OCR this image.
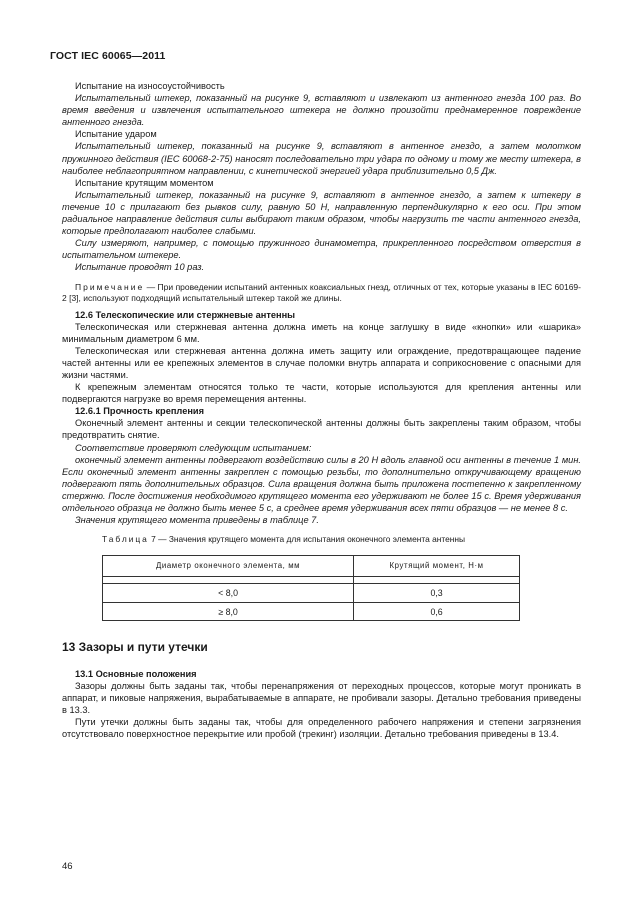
ГОСТ IEC 60065—2011

Испытание на износоустойчивость

Испытательный штекер, показанный на рисунке 9, вставляют и извлекают из антенного гнезда 100 раз. Во время введения и извлечения испытательного штекера не должно произойти преднамеренное повреждение антенного гнезда.

Испытание ударом

Испытательный штекер, показанный на рисунке 9, вставляют в антенное гнездо, а затем молотком пружинного действия (IEC 60068-2-75) наносят последовательно три удара по одному и тому же месту штекера, в наиболее неблагоприятном направлении, с кинетической энергией удара приблизительно 0,5 Дж.

Испытание крутящим моментом

Испытательный штекер, показанный на рисунке 9, вставляют в антенное гнездо, а затем к штекеру в течение 10 с прилагают без рывков силу, равную 50 Н, направленную перпендикулярно к его оси. При этом радиальное направление действия силы выбирают таким образом, чтобы нагрузить те части антенного гнезда, которые предполагают наиболее слабыми.

Силу измеряют, например, с помощью пружинного динамометра, прикрепленного посредством отверстия в испытательном штекере.

Испытание проводят 10 раз.

Примечание — При проведении испытаний антенных коаксиальных гнезд, отличных от тех, которые указаны в IEC 60169-2 [3], используют подходящий испытательный штекер такой же длины.

12.6 Телескопические или стержневые антенны

Телескопическая или стержневая антенна должна иметь на конце заглушку в виде «кнопки» или «шарика» минимальным диаметром 6 мм.

Телескопическая или стержневая антенна должна иметь защиту или ограждение, предотвращающее падение частей антенны или ее крепежных элементов в случае поломки внутрь аппарата и соприкосновение с опасными для жизни частями.

К крепежным элементам относятся только те части, которые используются для крепления антенны или подвергаются нагрузке во время перемещения антенны.

12.6.1 Прочность крепления

Оконечный элемент антенны и секции телескопической антенны должны быть закреплены таким образом, чтобы предотвратить снятие.

Соответствие проверяют следующим испытанием:

оконечный элемент антенны подвергают воздействию силы в 20 Н вдоль главной оси антенны в течение 1 мин. Если оконечный элемент антенны закреплен с помощью резьбы, то дополнительно откручивающему вращению подвергают пять дополнительных образцов. Сила вращения должна быть приложена постепенно к закрепленному стержню. После достижения необходимого крутящего момента его удерживают не более 15 с. Время удерживания отдельного образца не должно быть менее 5 с, а среднее время удерживания всех пяти образцов — не менее 8 с.

Значения крутящего момента приведены в таблице 7.

Таблица 7 — Значения крутящего момента для испытания оконечного элемента антенны

Диаметр оконечного элемента, мм	Крутящий момент, Н·м

< 8,0	0,3
≥ 8,0	0,6
13 Зазоры и пути утечки

13.1 Основные положения

Зазоры должны быть заданы так, чтобы перенапряжения от переходных процессов, которые могут проникать в аппарат, и пиковые напряжения, вырабатываемые в аппарате, не пробивали зазоры. Детально требования приведены в 13.3.

Пути утечки должны быть заданы так, чтобы для определенного рабочего напряжения и степени загрязнения отсутствовало поверхностное перекрытие или пробой (трекинг) изоляции. Детально требования приведены в 13.4.

46
